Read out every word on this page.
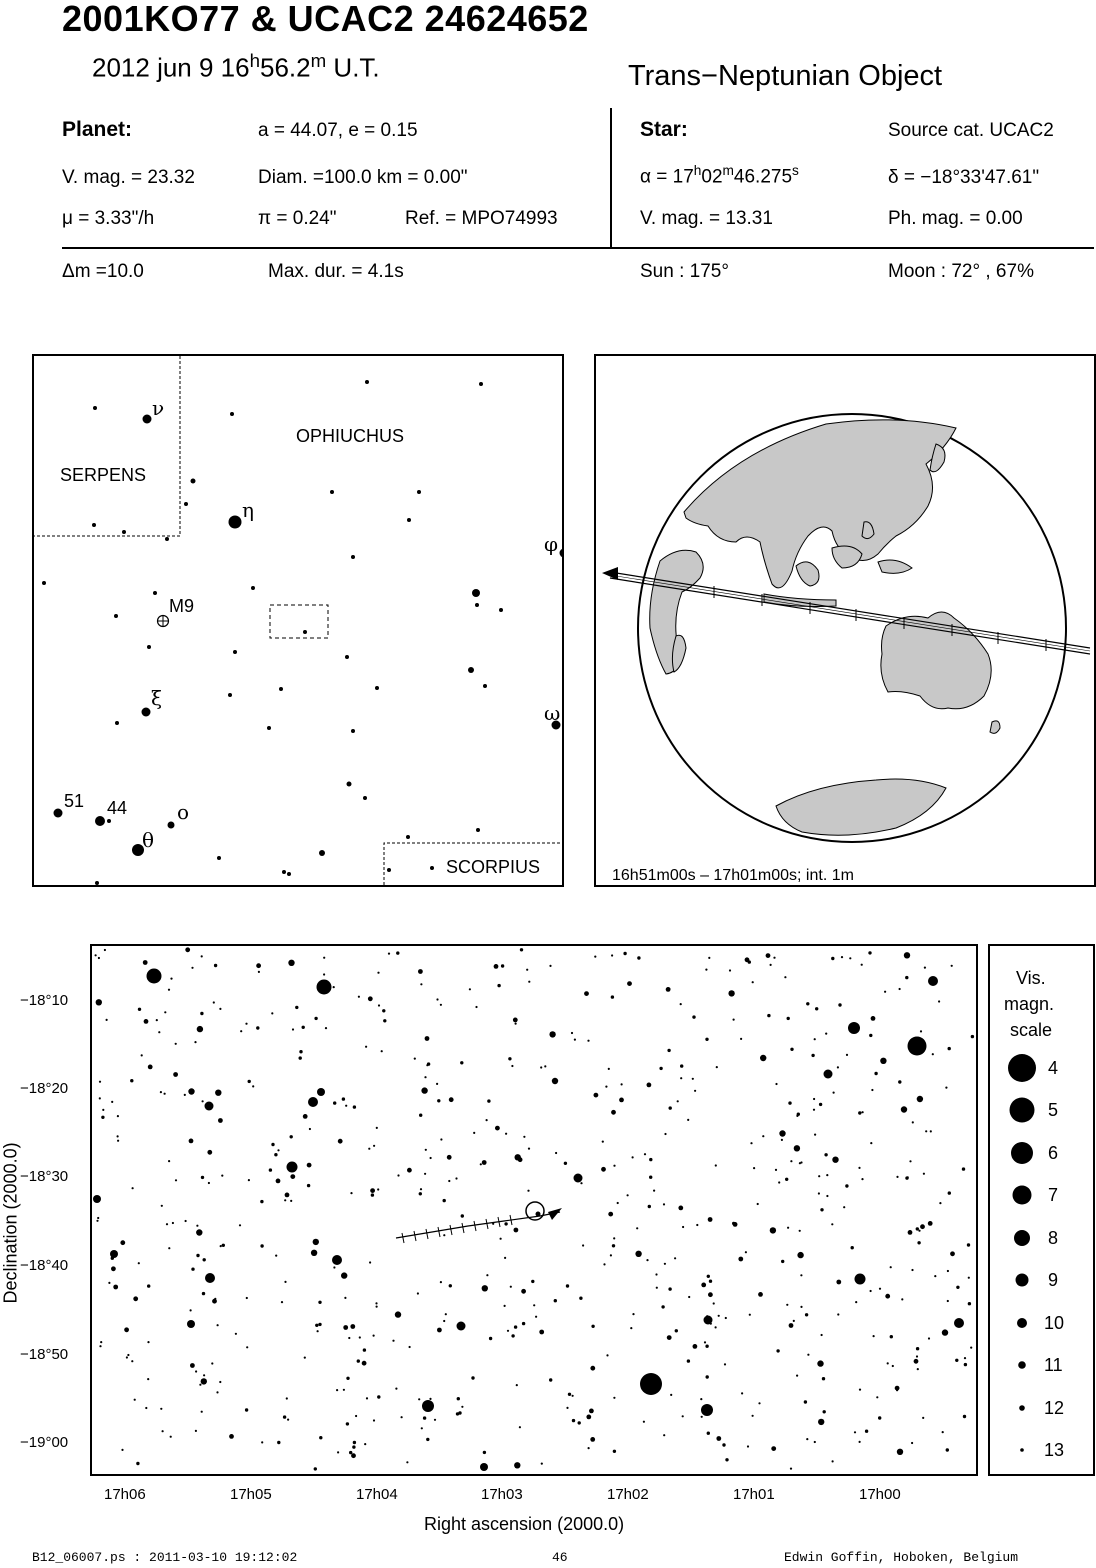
2001KO77 & UCAC2 24624652
2012 jun 9 16$^h$56.2$^m$ U.T.	Trans−Neptunian Object
Planet:	a = 44.07, e = 0.15
V. mag. = 23.32	Diam. =100.0 km = 0.00"
μ = 3.33"/h	π = 0.24"	Ref. = MPO74993
Star:	Source cat. UCAC2
$\alpha = 17^h02^m46.275^s$	δ = −18°33'47.61"
V. mag. = 13.31	Ph. mag. = 0.00
Δm =10.0	Max. dur. = 4.1s	Sun : 175°	Moon : 72° , 67%
OPHIUCHUS
SERPENS
SCORPIUS
M9
51 44
ν
η
φ
ξ
ω
ο
θ
16h51m00s – 17h01m00s; int. 1m
−18°10
−18°20
−18°30
−18°40
−18°50
−19°00
17h06	17h05	17h04	17h03	17h02	17h01	17h00
Right ascension (2000.0)
Declination (2000.0)
Vis.
magn.
scale
4
5
6
7
8
9
10
11
12
13
B12_06007.ps : 2011-03-10 19:12:02	46	Edwin Goffin, Hoboken, Belgium
